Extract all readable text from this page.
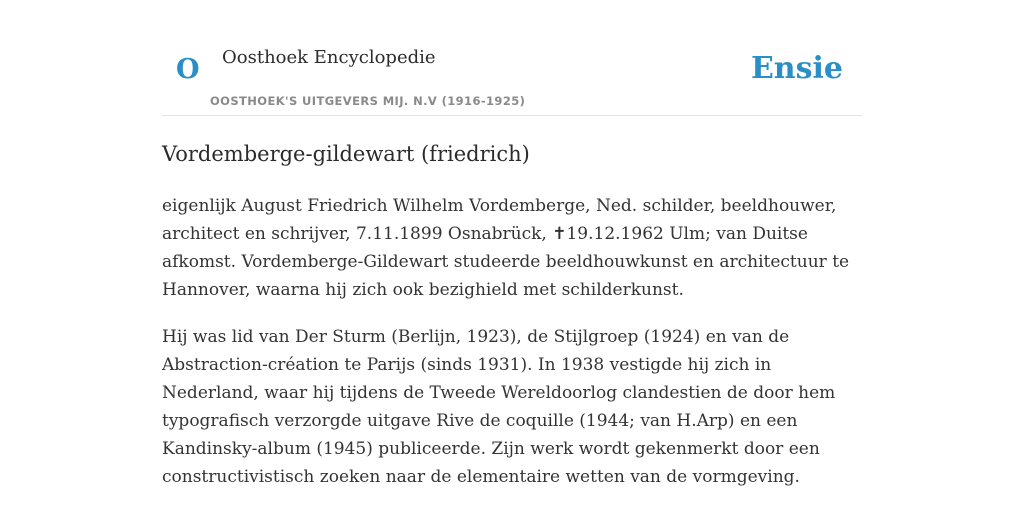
O Oosthoek Encyclopedie
OOSTHOEK'S UITGEVERS MIJ. N.V (1916-1925)
Ensie
Vordemberge-gildewart (friedrich)

eigenlijk August Friedrich Wilhelm Vordemberge, Ned. schilder, beeldhouwer, architect en schrijver, 7.11.1899 Osnabrück, ✝19.12.1962 Ulm; van Duitse afkomst. Vordemberge-Gildewart studeerde beeldhouwkunst en architectuur te Hannover, waarna hij zich ook bezighield met schilderkunst.

Hij was lid van Der Sturm (Berlijn, 1923), de Stijlgroep (1924) en van de Abstraction-création te Parijs (sinds 1931). In 1938 vestigde hij zich in Nederland, waar hij tijdens de Tweede Wereldoorlog clandestien de door hem typografisch verzorgde uitgave Rive de coquille (1944; van H.Arp) en een Kandinsky-album (1945) publiceerde. Zijn werk wordt gekenmerkt door een constructivistisch zoeken naar de elementaire wetten van de vormgeving.
